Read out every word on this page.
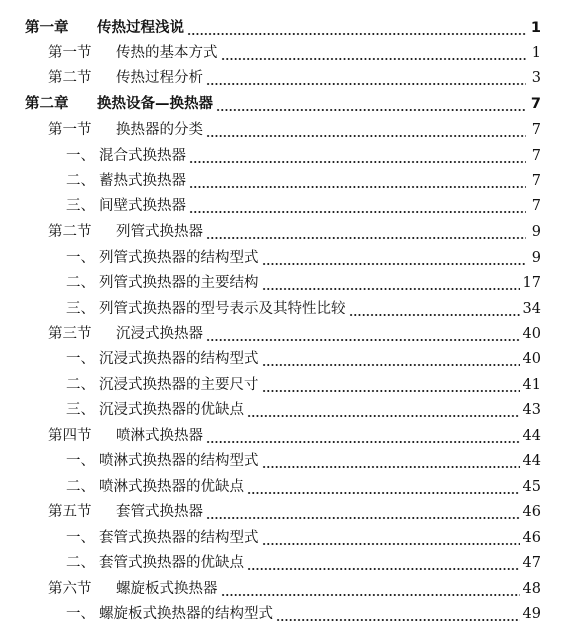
第一章	传热过程浅说	1
第一节	传热的基本方式	1
第二节	传热过程分析	3
第二章	换热设备—换热器	7
第一节	换热器的分类	7
一、 混合式换热器	7
二、 蓄热式换热器	7
三、 间壁式换热器	7
第二节	列管式换热器	9
一、 列管式换热器的结构型式	9
二、 列管式换热器的主要结构	17
三、 列管式换热器的型号表示及其特性比较	34
第三节	沉浸式换热器	40
一、 沉浸式换热器的结构型式	40
二、 沉浸式换热器的主要尺寸	41
三、 沉浸式换热器的优缺点	43
第四节	喷淋式换热器	44
一、 喷淋式换热器的结构型式	44
二、 喷淋式换热器的优缺点	45
第五节	套管式换热器	46
一、 套管式换热器的结构型式	46
二、 套管式换热器的优缺点	47
第六节	螺旋板式换热器	48
一、 螺旋板式换热器的结构型式	49
